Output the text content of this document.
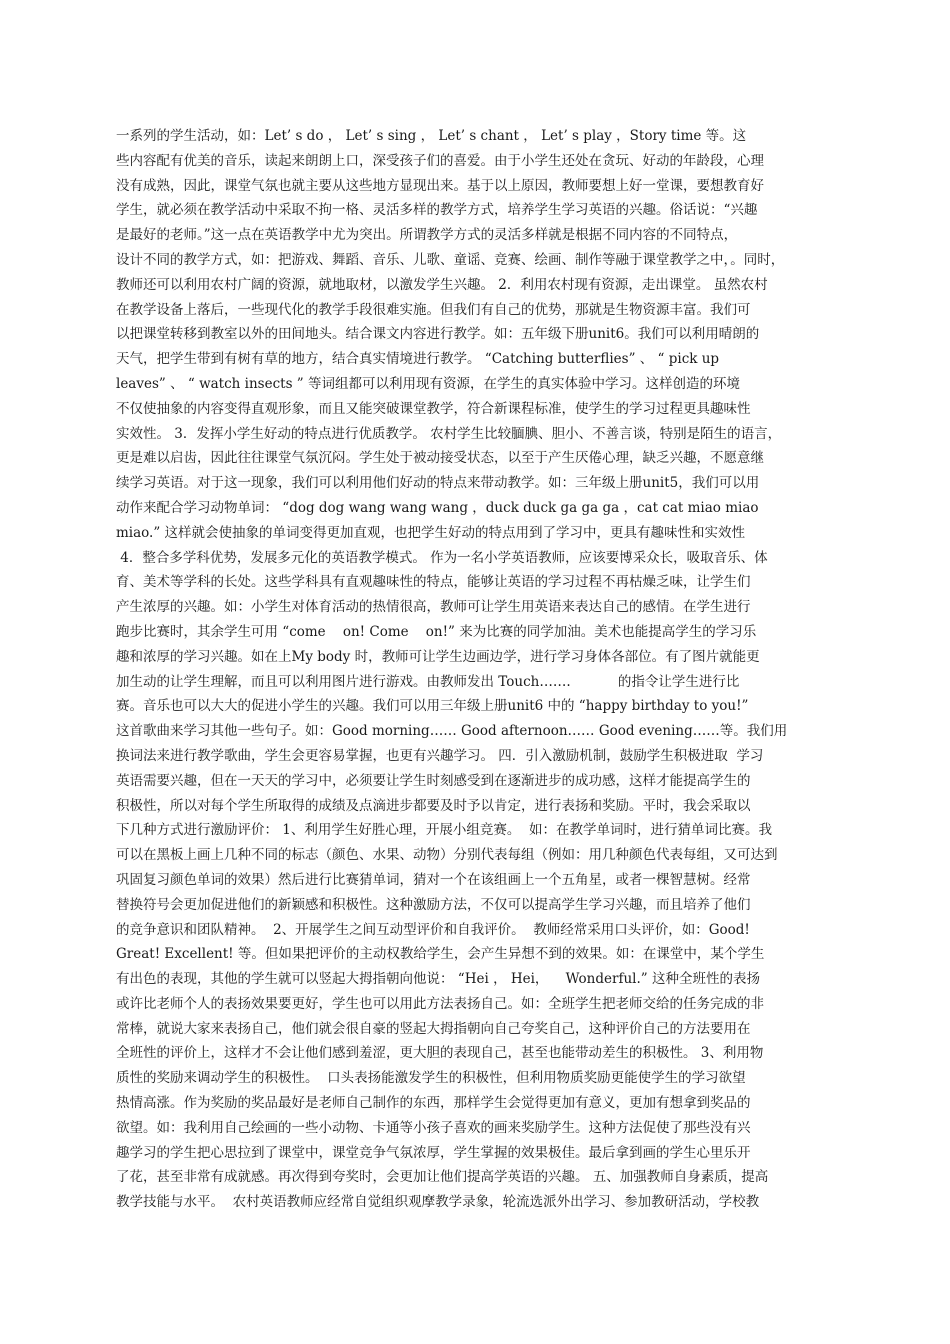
一系列的学生活动，如：Let’ s do ， Let’ s sing ， Let’ s chant ， Let’ s play ，Story time 等。这
些内容配有优美的音乐，读起来朗朗上口，深受孩子们的喜爱。由于小学生还处在贪玩、好动的年龄段，心理
没有成熟，因此，课堂气氛也就主要从这些地方显现出来。基于以上原因，教师要想上好一堂课，要想教育好
学生，就必须在教学活动中采取不拘一格、灵活多样的教学方式，培养学生学习英语的兴趣。俗话说：“兴趣
是最好的老师。”这一点在英语教学中尤为突出。所谓教学方式的灵活多样就是根据不同内容的不同特点，
设计不同的教学方式，如：把游戏、舞蹈、音乐、儿歌、童谣、竞赛、绘画、制作等融于课堂教学之中，。同时，
教师还可以利用农村广阔的资源，就地取材，以激发学生兴趣。 2．利用农村现有资源，走出课堂。 虽然农村
在教学设备上落后，一些现代化的教学手段很难实施。但我们有自己的优势，那就是生物资源丰富。我们可
以把课堂转移到教室以外的田间地头。结合课文内容进行教学。如：五年级下册unit6。我们可以利用晴朗的
天气，把学生带到有树有草的地方，结合真实情境进行教学。 “Catching butterflies” 、 “ pick up
leaves” 、 “ watch insects ” 等词组都可以利用现有资源，在学生的真实体验中学习。这样创造的环境
不仅使抽象的内容变得直观形象，而且又能突破课堂教学，符合新课程标准，使学生的学习过程更具趣味性
实效性。 3．发挥小学生好动的特点进行优质教学。 农村学生比较腼腆、胆小、不善言谈，特别是陌生的语言，
更是难以启齿，因此往往课堂气氛沉闷。学生处于被动接受状态，以至于产生厌倦心理，缺乏兴趣，不愿意继
续学习英语。对于这一现象，我们可以利用他们好动的特点来带动教学。如：三年级上册unit5，我们可以用
动作来配合学习动物单词： “dog dog wang wang wang ，duck duck ga ga ga ，cat cat miao miao
miao.” 这样就会使抽象的单词变得更加直观，也把学生好动的特点用到了学习中，更具有趣味性和实效性
4．整合多学科优势，发展多元化的英语教学模式。 作为一名小学英语教师，应该要博采众长，吸取音乐、体
育、美术等学科的长处。这些学科具有直观趣味性的特点，能够让英语的学习过程不再枯燥乏味，让学生们
产生浓厚的兴趣。如：小学生对体育活动的热情很高，教师可让学生用英语来表达自己的感情。在学生进行
跑步比赛时，其余学生可用 “come    on! Come    on!” 来为比赛的同学加油。美术也能提高学生的学习乐
趣和浓厚的学习兴趣。如在上My body 时，教师可让学生边画边学，进行学习身体各部位。有了图片就能更
加生动的让学生理解，而且可以利用图片进行游戏。由教师发出 Touch…….           的指令让学生进行比
赛。音乐也可以大大的促进小学生的兴趣。我们可以用三年级上册unit6 中的 “happy birthday to you!”
这首歌曲来学习其他一些句子。如：Good morning…… Good afternoon…… Good evening……等。我们用
换词法来进行教学歌曲，学生会更容易掌握，也更有兴趣学习。 四．引入激励机制，鼓励学生积极进取  学习
英语需要兴趣，但在一天天的学习中，必须要让学生时刻感受到在逐渐进步的成功感，这样才能提高学生的
积极性，所以对每个学生所取得的成绩及点滴进步都要及时予以肯定，进行表扬和奖励。平时，我会采取以
下几种方式进行激励评价： 1、利用学生好胜心理，开展小组竞赛。  如：在教学单词时，进行猜单词比赛。我
可以在黑板上画上几种不同的标志（颜色、水果、动物）分别代表每组（例如：用几种颜色代表每组，又可达到
巩固复习颜色单词的效果）然后进行比赛猜单词，猜对一个在该组画上一个五角星，或者一棵智慧树。经常
替换符号会更加促进他们的新颖感和积极性。这种激励方法，不仅可以提高学生学习兴趣，而且培养了他们
的竞争意识和团队精神。  2、开展学生之间互动型评价和自我评价。  教师经常采用口头评价，如：Good!
Great! Excellent! 等。但如果把评价的主动权教给学生，会产生异想不到的效果。如：在课堂中，某个学生
有出色的表现，其他的学生就可以竖起大拇指朝向他说： “Hei ， Hei，    Wonderful.” 这种全班性的表扬
或许比老师个人的表扬效果要更好，学生也可以用此方法表扬自己。如：全班学生把老师交给的任务完成的非
常棒，就说大家来表扬自己，他们就会很自豪的竖起大拇指朝向自己夸奖自己，这种评价自己的方法要用在
全班性的评价上，这样才不会让他们感到羞涩，更大胆的表现自己，甚至也能带动差生的积极性。 3、利用物
质性的奖励来调动学生的积极性。  口头表扬能激发学生的积极性，但利用物质奖励更能使学生的学习欲望
热情高涨。作为奖励的奖品最好是老师自己制作的东西，那样学生会觉得更加有意义，更加有想拿到奖品的
欲望。如：我利用自己绘画的一些小动物、卡通等小孩子喜欢的画来奖励学生。这种方法促使了那些没有兴
趣学习的学生把心思拉到了课堂中，课堂竞争气氛浓厚，学生掌握的效果极佳。最后拿到画的学生心里乐开
了花，甚至非常有成就感。再次得到夸奖时，会更加让他们提高学英语的兴趣。 五、加强教师自身素质，提高
教学技能与水平。  农村英语教师应经常自觉组织观摩教学录象，轮流选派外出学习、参加教研活动，学校教
